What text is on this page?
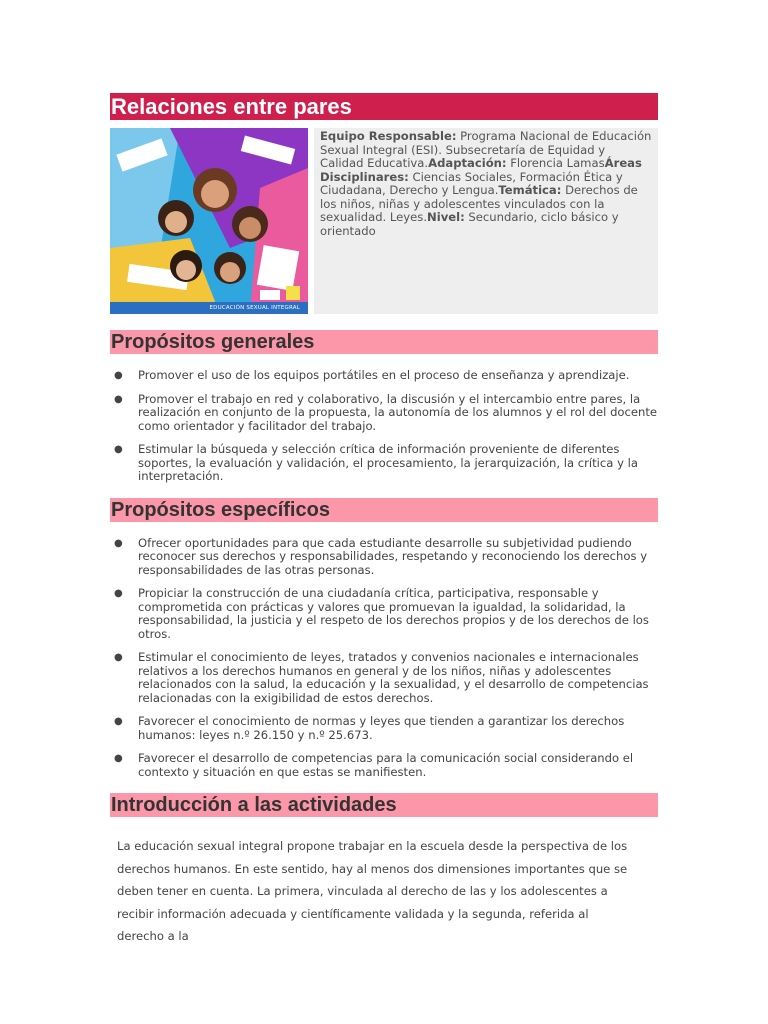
Relaciones entre pares
EDUCACIÓN SEXUAL INTEGRAL
Equipo Responsable: Programa Nacional de Educación Sexual Integral (ESI). Subsecretaría de Equidad y Calidad Educativa.Adaptación: Florencia LamasÁreas Disciplinares: Ciencias Sociales, Formación Ética y Ciudadana, Derecho y Lengua.Temática: Derechos de los niños, niñas y adolescentes vinculados con la sexualidad. Leyes.Nivel: Secundario, ciclo básico y orientado
Propósitos generales
● Promover el uso de los equipos portátiles en el proceso de enseñanza y aprendizaje.
● Promover el trabajo en red y colaborativo, la discusión y el intercambio entre pares, la realización en conjunto de la propuesta, la autonomía de los alumnos y el rol del docente como orientador y facilitador del trabajo.
● Estimular la búsqueda y selección crítica de información proveniente de diferentes soportes, la evaluación y validación, el procesamiento, la jerarquización, la crítica y la interpretación.
Propósitos específicos
● Ofrecer oportunidades para que cada estudiante desarrolle su subjetividad pudiendo reconocer sus derechos y responsabilidades, respetando y reconociendo los derechos y responsabilidades de las otras personas.
● Propiciar la construcción de una ciudadanía crítica, participativa, responsable y comprometida con prácticas y valores que promuevan la igualdad, la solidaridad, la responsabilidad, la justicia y el respeto de los derechos propios y de los derechos de los otros.
● Estimular el conocimiento de leyes, tratados y convenios nacionales e internacionales relativos a los derechos humanos en general y de los niños, niñas y adolescentes relacionados con la salud, la educación y la sexualidad, y el desarrollo de competencias relacionadas con la exigibilidad de estos derechos.
● Favorecer el conocimiento de normas y leyes que tienden a garantizar los derechos humanos: leyes n.º 26.150 y n.º 25.673.
● Favorecer el desarrollo de competencias para la comunicación social considerando el contexto y situación en que estas se manifiesten.
Introducción a las actividades

La educación sexual integral propone trabajar en la escuela desde la perspectiva de los derechos humanos. En este sentido, hay al menos dos dimensiones importantes que se deben tener en cuenta. La primera, vinculada al derecho de las y los adolescentes a recibir información adecuada y científicamente validada y la segunda, referida al derecho a la
